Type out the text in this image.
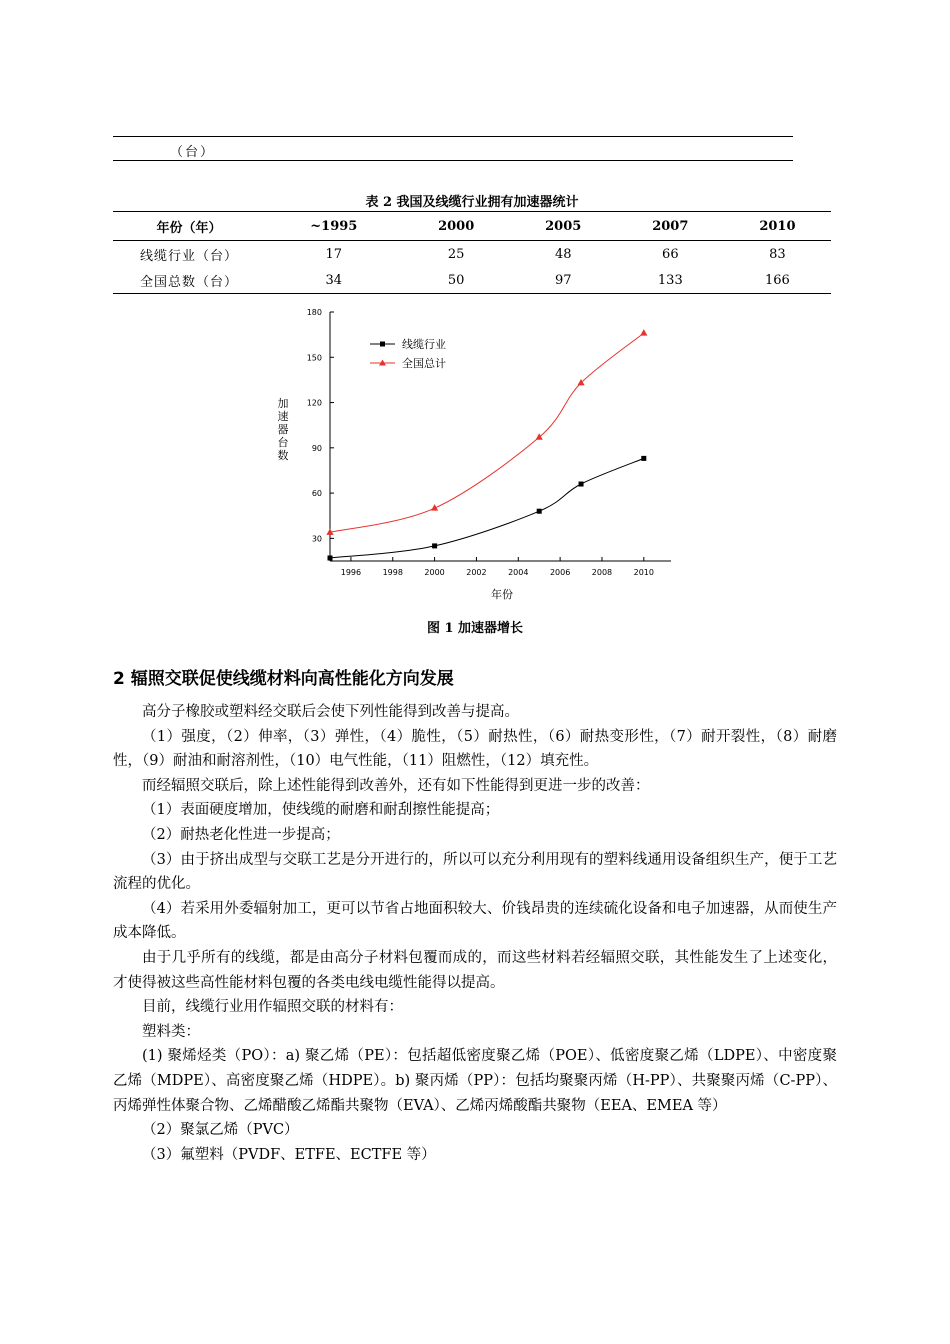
（台）
表 2 我国及线缆行业拥有加速器统计
年份（年）	~1995	2000	2005	2007	2010
线缆行业（台）	17	25	48	66	83
全国总数（台）	34	50	97	133	166
30
60
90
120
150
180
1996	1998	2000	2002	2004	2006	2008	2010
线缆行业
全国总计
加速器台数
年份
图 1 加速器增长
2 辐照交联促使线缆材料向高性能化方向发展

高分子橡胶或塑料经交联后会使下列性能得到改善与提高。

（1）强度，（2）伸率，（3）弹性，（4）脆性，（5）耐热性，（6）耐热变形性，（7）耐开裂性，（8）耐磨性，（9）耐油和耐溶剂性，（10）电气性能，（11）阻燃性，（12）填充性。

而经辐照交联后，除上述性能得到改善外，还有如下性能得到更进一步的改善：

（1）表面硬度增加，使线缆的耐磨和耐刮擦性能提高；

（2）耐热老化性进一步提高；

（3）由于挤出成型与交联工艺是分开进行的，所以可以充分利用现有的塑料线通用设备组织生产，便于工艺流程的优化。

（4）若采用外委辐射加工，更可以节省占地面积较大、价钱昂贵的连续硫化设备和电子加速器，从而使生产成本降低。

由于几乎所有的线缆，都是由高分子材料包覆而成的，而这些材料若经辐照交联，其性能发生了上述变化，才使得被这些高性能材料包覆的各类电线电缆性能得以提高。

目前，线缆行业用作辐照交联的材料有：

塑料类：

(1) 聚烯烃类（PO）：a) 聚乙烯（PE）：包括超低密度聚乙烯（POE）、低密度聚乙烯（LDPE）、中密度聚乙烯（MDPE）、高密度聚乙烯（HDPE）。b) 聚丙烯（PP）：包括均聚聚丙烯（H-PP）、共聚聚丙烯（C-PP）、丙烯弹性体聚合物、乙烯醋酸乙烯酯共聚物（EVA）、乙烯丙烯酸酯共聚物（EEA、EMEA 等）

（2）聚氯乙烯（PVC）

（3）氟塑料（PVDF、ETFE、ECTFE 等）
